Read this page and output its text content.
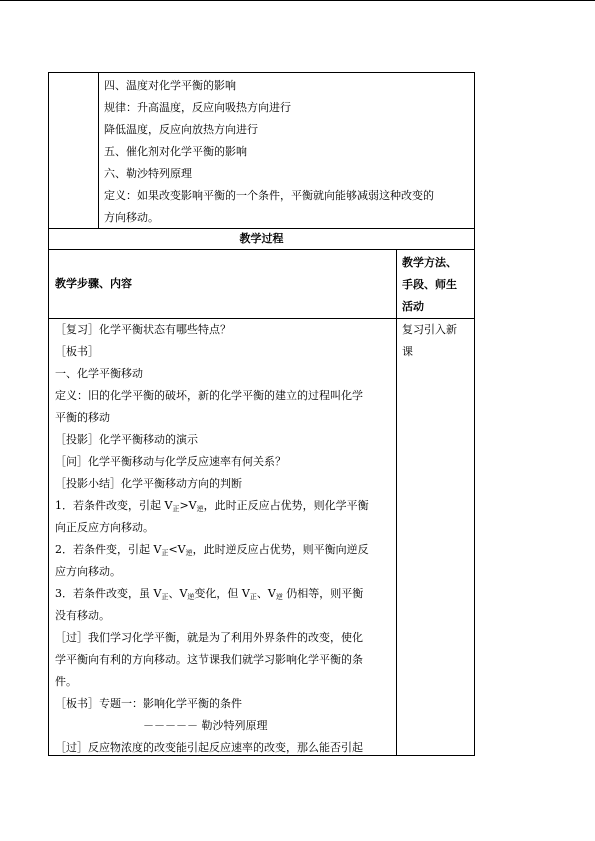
四、温度对化学平衡的影响
规律：升高温度，反应向吸热方向进行
降低温度，反应向放热方向进行
五、催化剂对化学平衡的影响
六、勒沙特列原理
定义：如果改变影响平衡的一个条件，平衡就向能够减弱这种改变的
方向移动。
教学过程
教学步骤、内容
教学方法、
手段、师生
活动
［复习］化学平衡状态有哪些特点？
［板书］
一、化学平衡移动
定义：旧的化学平衡的破坏，新的化学平衡的建立的过程叫化学
平衡的移动
［投影］化学平衡移动的演示
［问］化学平衡移动与化学反应速率有何关系？
［投影小结］化学平衡移动方向的判断
1．若条件改变，引起 $V_正>V_逆$，此时正反应占优势，则化学平衡
向正反应方向移动。
2．若条件变，引起 $V_正<V_逆$，此时逆反应占优势，则平衡向逆反
应方向移动。
3．若条件改变，虽 $V_正$、$V_逆$变化，但 $V_正$、$V_逆$ 仍相等，则平衡
没有移动。
［过］我们学习化学平衡，就是为了利用外界条件的改变，使化
学平衡向有利的方向移动。这节课我们就学习影响化学平衡的条
件。
［板书］专题一：影响化学平衡的条件
－－－－－ 勒沙特列原理
［过］反应物浓度的改变能引起反应速率的改变，那么能否引起
复习引入新
课
